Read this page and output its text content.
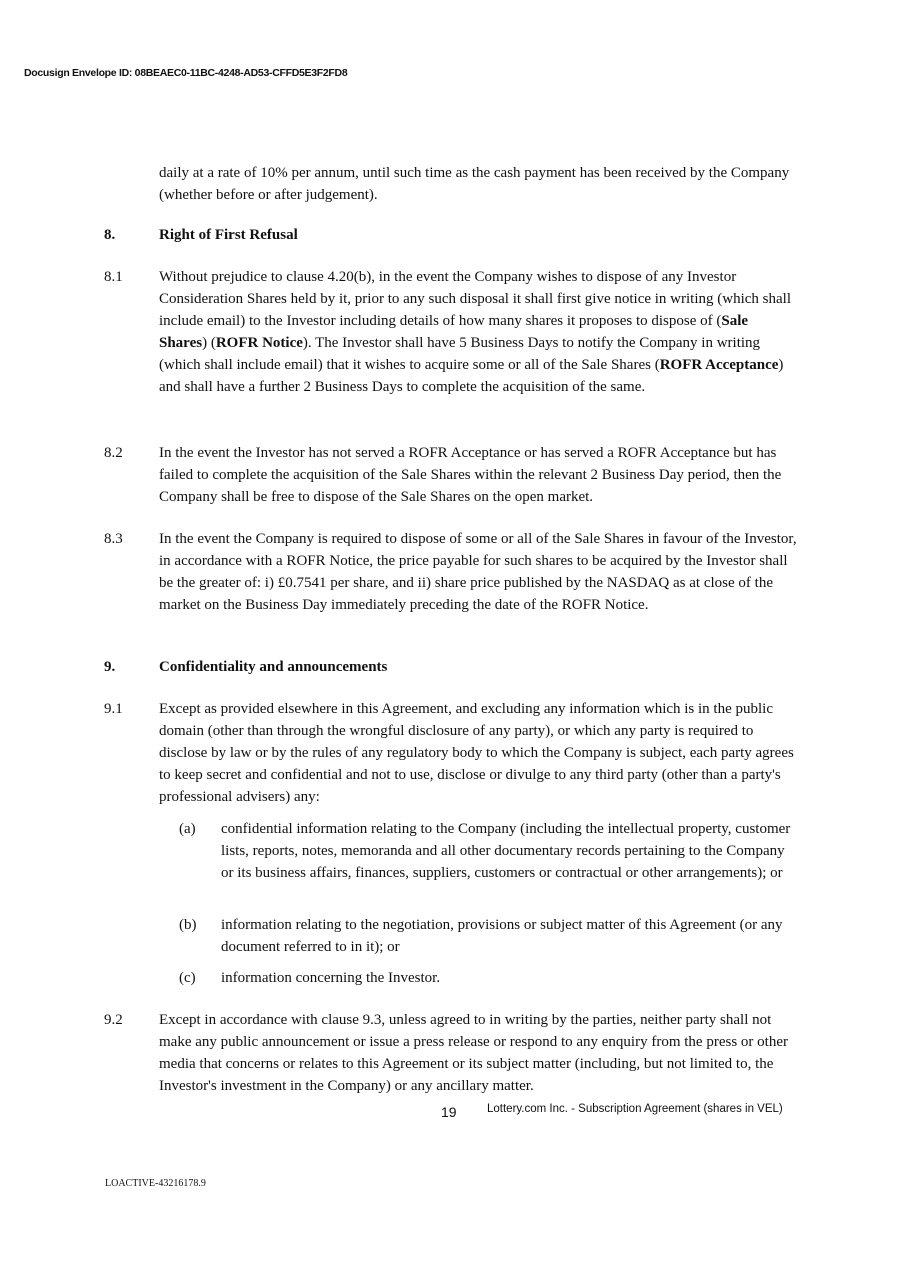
Docusign Envelope ID: 08BEAEC0-11BC-4248-AD53-CFFD5E3F2FD8
daily at a rate of 10% per annum, until such time as the cash payment has been received by the Company (whether before or after judgement).
8.	Right of First Refusal
8.1 Without prejudice to clause 4.20(b), in the event the Company wishes to dispose of any Investor Consideration Shares held by it, prior to any such disposal it shall first give notice in writing (which shall include email) to the Investor including details of how many shares it proposes to dispose of (Sale Shares) (ROFR Notice). The Investor shall have 5 Business Days to notify the Company in writing (which shall include email) that it wishes to acquire some or all of the Sale Shares (ROFR Acceptance) and shall have a further 2 Business Days to complete the acquisition of the same.
8.2 In the event the Investor has not served a ROFR Acceptance or has served a ROFR Acceptance but has failed to complete the acquisition of the Sale Shares within the relevant 2 Business Day period, then the Company shall be free to dispose of the Sale Shares on the open market.
8.3 In the event the Company is required to dispose of some or all of the Sale Shares in favour of the Investor, in accordance with a ROFR Notice, the price payable for such shares to be acquired by the Investor shall be the greater of: i) £0.7541 per share, and ii) share price published by the NASDAQ as at close of the market on the Business Day immediately preceding the date of the ROFR Notice.
9.	Confidentiality and announcements
9.1 Except as provided elsewhere in this Agreement, and excluding any information which is in the public domain (other than through the wrongful disclosure of any party), or which any party is required to disclose by law or by the rules of any regulatory body to which the Company is subject, each party agrees to keep secret and confidential and not to use, disclose or divulge to any third party (other than a party's professional advisers) any:
(a) confidential information relating to the Company (including the intellectual property, customer lists, reports, notes, memoranda and all other documentary records pertaining to the Company or its business affairs, finances, suppliers, customers or contractual or other arrangements); or
(b) information relating to the negotiation, provisions or subject matter of this Agreement (or any document referred to in it); or
(c) information concerning the Investor.
9.2 Except in accordance with clause 9.3, unless agreed to in writing by the parties, neither party shall not make any public announcement or issue a press release or respond to any enquiry from the press or other media that concerns or relates to this Agreement or its subject matter (including, but not limited to, the Investor's investment in the Company) or any ancillary matter.
19	Lottery.com Inc. - Subscription Agreement (shares in VEL)
LOACTIVE-43216178.9
